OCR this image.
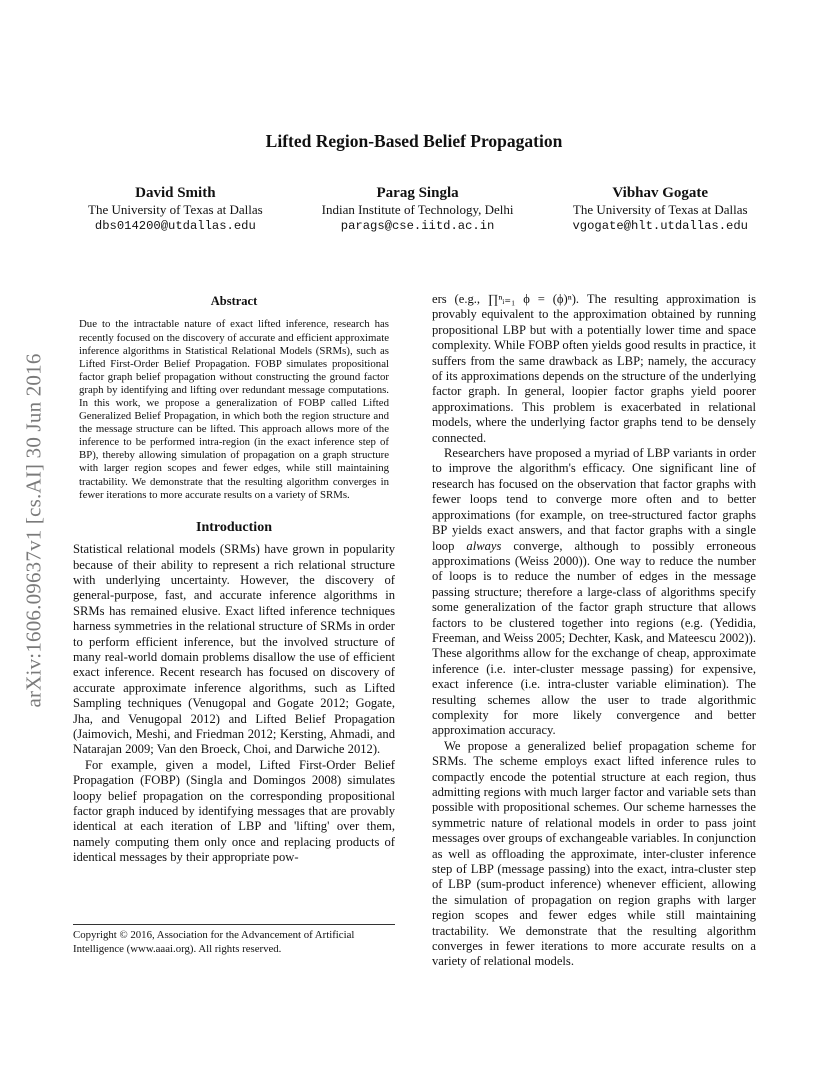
arXiv:1606.09637v1 [cs.AI] 30 Jun 2016
Lifted Region-Based Belief Propagation
David Smith
The University of Texas at Dallas
dbs014200@utdallas.edu
Parag Singla
Indian Institute of Technology, Delhi
parags@cse.iitd.ac.in
Vibhav Gogate
The University of Texas at Dallas
vgogate@hlt.utdallas.edu
Abstract

Due to the intractable nature of exact lifted inference, research has recently focused on the discovery of accurate and efficient approximate inference algorithms in Statistical Relational Models (SRMs), such as Lifted First-Order Belief Propagation. FOBP simulates propositional factor graph belief propagation without constructing the ground factor graph by identifying and lifting over redundant message computations. In this work, we propose a generalization of FOBP called Lifted Generalized Belief Propagation, in which both the region structure and the message structure can be lifted. This approach allows more of the inference to be performed intra-region (in the exact inference step of BP), thereby allowing simulation of propagation on a graph structure with larger region scopes and fewer edges, while still maintaining tractability. We demonstrate that the resulting algorithm converges in fewer iterations to more accurate results on a variety of SRMs.

Introduction

Statistical relational models (SRMs) have grown in popularity because of their ability to represent a rich relational structure with underlying uncertainty. However, the discovery of general-purpose, fast, and accurate inference algorithms in SRMs has remained elusive. Exact lifted inference techniques harness symmetries in the relational structure of SRMs in order to perform efficient inference, but the involved structure of many real-world domain problems disallow the use of efficient exact inference. Recent research has focused on discovery of accurate approximate inference algorithms, such as Lifted Sampling techniques (Venugopal and Gogate 2012; Gogate, Jha, and Venugopal 2012) and Lifted Belief Propagation (Jaimovich, Meshi, and Friedman 2012; Kersting, Ahmadi, and Natarajan 2009; Van den Broeck, Choi, and Darwiche 2012).

For example, given a model, Lifted First-Order Belief Propagation (FOBP) (Singla and Domingos 2008) simulates loopy belief propagation on the corresponding propositional factor graph induced by identifying messages that are provably identical at each iteration of LBP and 'lifting' over them, namely computing them only once and replacing products of identical messages by their appropriate pow-

Copyright © 2016, Association for the Advancement of Artificial Intelligence (www.aaai.org). All rights reserved.

ers (e.g., ∏ⁿᵢ₌₁ ϕ = (ϕ)ⁿ). The resulting approximation is provably equivalent to the approximation obtained by running propositional LBP but with a potentially lower time and space complexity. While FOBP often yields good results in practice, it suffers from the same drawback as LBP; namely, the accuracy of its approximations depends on the structure of the underlying factor graph. In general, loopier factor graphs yield poorer approximations. This problem is exacerbated in relational models, where the underlying factor graphs tend to be densely connected.

Researchers have proposed a myriad of LBP variants in order to improve the algorithm's efficacy. One significant line of research has focused on the observation that factor graphs with fewer loops tend to converge more often and to better approximations (for example, on tree-structured factor graphs BP yields exact answers, and that factor graphs with a single loop always converge, although to possibly erroneous approximations (Weiss 2000)). One way to reduce the number of loops is to reduce the number of edges in the message passing structure; therefore a large-class of algorithms specify some generalization of the factor graph structure that allows factors to be clustered together into regions (e.g. (Yedidia, Freeman, and Weiss 2005; Dechter, Kask, and Mateescu 2002)). These algorithms allow for the exchange of cheap, approximate inference (i.e. inter-cluster message passing) for expensive, exact inference (i.e. intra-cluster variable elimination). The resulting schemes allow the user to trade algorithmic complexity for more likely convergence and better approximation accuracy.

We propose a generalized belief propagation scheme for SRMs. The scheme employs exact lifted inference rules to compactly encode the potential structure at each region, thus admitting regions with much larger factor and variable sets than possible with propositional schemes. Our scheme harnesses the symmetric nature of relational models in order to pass joint messages over groups of exchangeable variables. In conjunction as well as offloading the approximate, inter-cluster inference step of LBP (message passing) into the exact, intra-cluster step of LBP (sum-product inference) whenever efficient, allowing the simulation of propagation on region graphs with larger region scopes and fewer edges while still maintaining tractability. We demonstrate that the resulting algorithm converges in fewer iterations to more accurate results on a variety of relational models.
